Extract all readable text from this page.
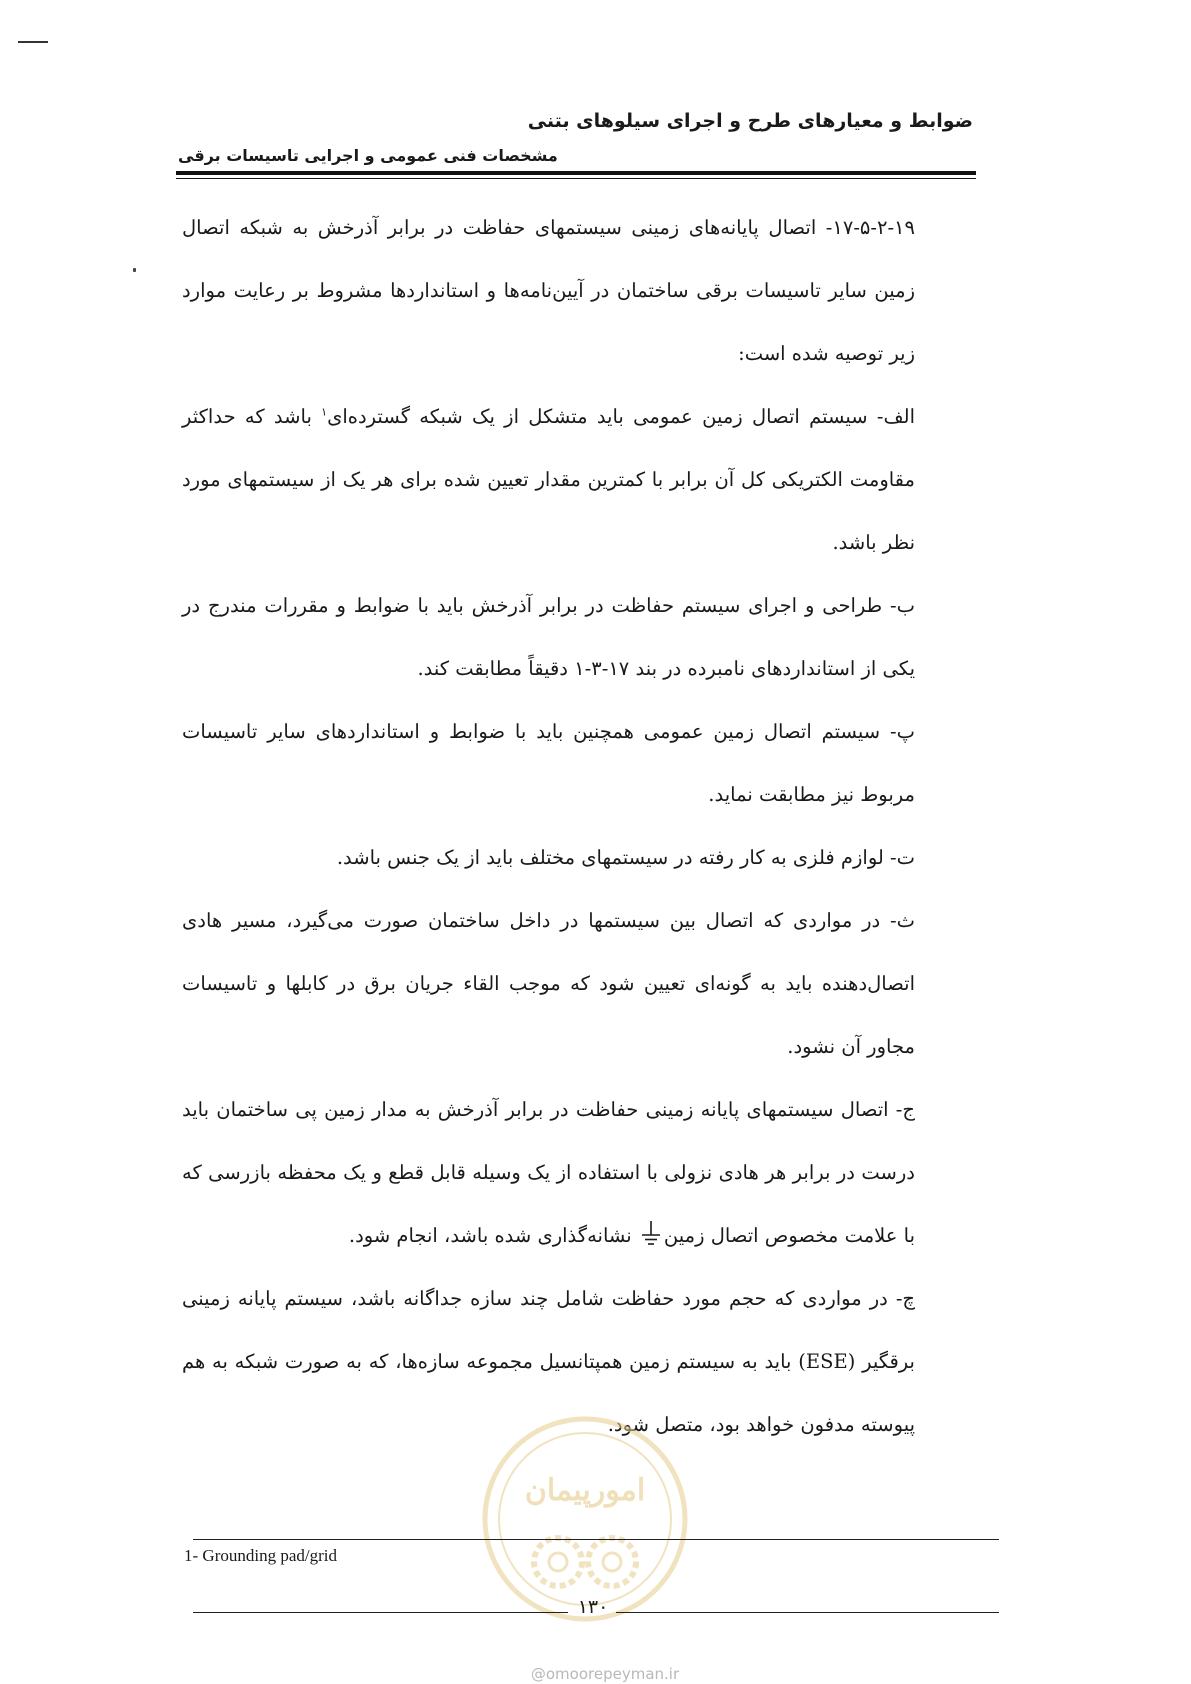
ضوابط و معیارهای طرح و اجرای سیلوهای بتنی
مشخصات فنی عمومی و اجرایی تاسیسات برقی

۱۷-۵-۲-۱۹- اتصال پایانه‌های زمینی سیستمهای حفاظت در برابر آذرخش به شبکه اتصال زمین سایر تاسیسات برقی ساختمان در آیین‌نامه‌ها و استانداردها مشروط بر رعایت موارد زیر توصیه شده است:

الف- سیستم اتصال زمین عمومی باید متشکل از یک شبکه گسترده‌ای$^۱$ باشد که حداکثر مقاومت الکتریکی کل آن برابر با کمترین مقدار تعیین شده برای هر یک از سیستمهای مورد نظر باشد.

ب- طراحی و اجرای سیستم حفاظت در برابر آذرخش باید با ضوابط و مقررات مندرج در یکی از استانداردهای نامبرده در بند ۱۷-۳-۱ دقیقاً مطابقت کند.

پ- سیستم اتصال زمین عمومی همچنین باید با ضوابط و استانداردهای سایر تاسیسات مربوط نیز مطابقت نماید.

ت- لوازم فلزی به کار رفته در سیستمهای مختلف باید از یک جنس باشد.

ث- در مواردی که اتصال بین سیستمها در داخل ساختمان صورت می‌گیرد، مسیر هادی اتصال‌دهنده باید به گونه‌ای تعیین شود که موجب القاء جریان برق در کابلها و تاسیسات مجاور آن نشود.

ج- اتصال سیستمهای پایانه زمینی حفاظت در برابر آذرخش به مدار زمین پی ساختمان باید درست در برابر هر هادی نزولی با استفاده از یک وسیله قابل قطع و یک محفظه بازرسی که با علامت مخصوص اتصال زمین نشانه‌گذاری شده باشد، انجام شود.

چ- در مواردی که حجم مورد حفاظت شامل چند سازه جداگانه باشد، سیستم پایانه زمینی برقگیر (ESE) باید به سیستم زمین همپتانسیل مجموعه سازه‌ها، که به صورت شبکه به هم پیوسته مدفون خواهد بود، متصل شود.

امورپیمان
1- Grounding pad/grid
۱۳۰
@omoorepeyman.ir
